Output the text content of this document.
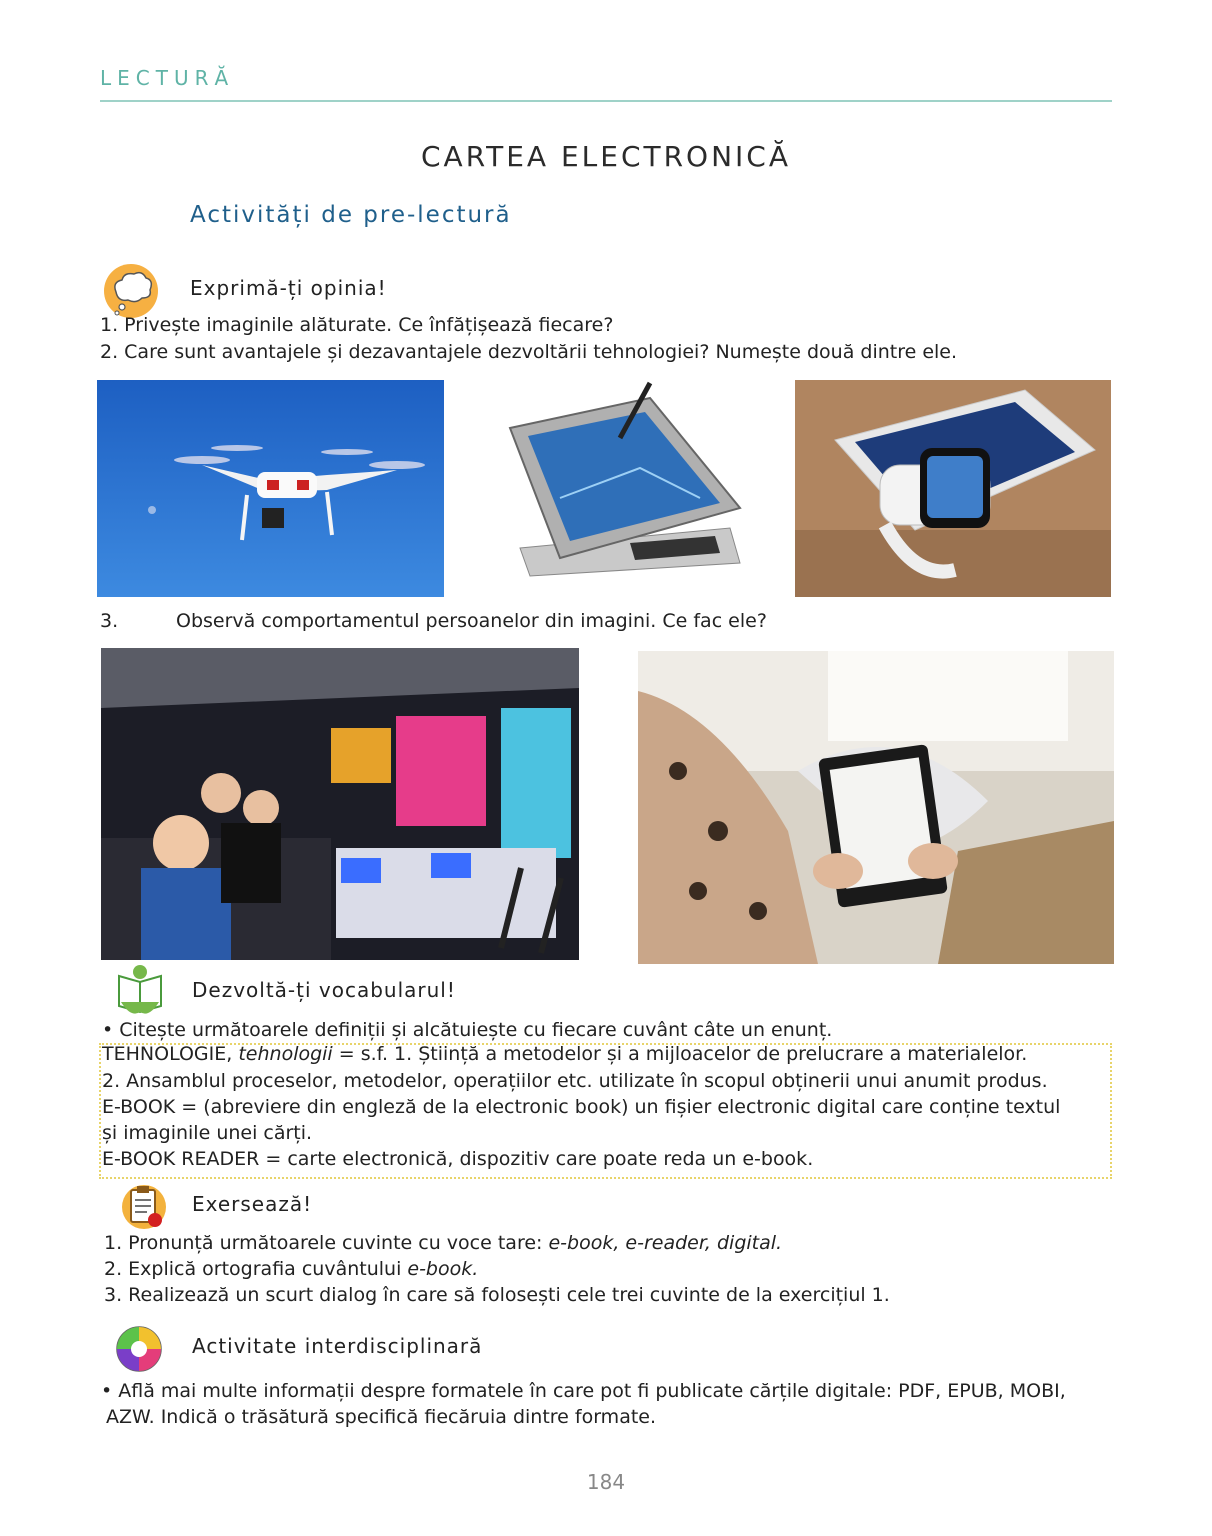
LECTURĂ
CARTEA ELECTRONICĂ
Activități de pre-lectură
Exprimă-ți opinia!
1. Privește imaginile alăturate. Ce înfățișează fiecare?
2. Care sunt avantajele și dezavantajele dezvoltării tehnologiei? Numește două dintre ele.
3.	Observă comportamentul persoanelor din imagini. Ce fac ele?
Dezvoltă-ți vocabularul!
• Citește următoarele definiții și alcătuiește cu fiecare cuvânt câte un enunț.
TEHNOLOGIE, tehnologii = s.f. 1. Știință a metodelor și a mijloacelor de prelucrare a materialelor.
2. Ansamblul proceselor, metodelor, operațiilor etc. utilizate în scopul obținerii unui anumit produs.
E-BOOK = (abreviere din engleză de la electronic book) un fișier electronic digital care conține textul
și imaginile unei cărți.
E-BOOK READER = carte electronică, dispozitiv care poate reda un e-book.
Exersează!
1. Pronunță următoarele cuvinte cu voce tare: e-book, e-reader, digital.
2. Explică ortografia cuvântului e-book.
3. Realizează un scurt dialog în care să folosești cele trei cuvinte de la exercițiul 1.
Activitate interdisciplinară
• Află mai multe informații despre formatele în care pot fi publicate cărțile digitale: PDF, EPUB, MOBI,
AZW. Indică o trăsătură specifică fiecăruia dintre formate.
184
